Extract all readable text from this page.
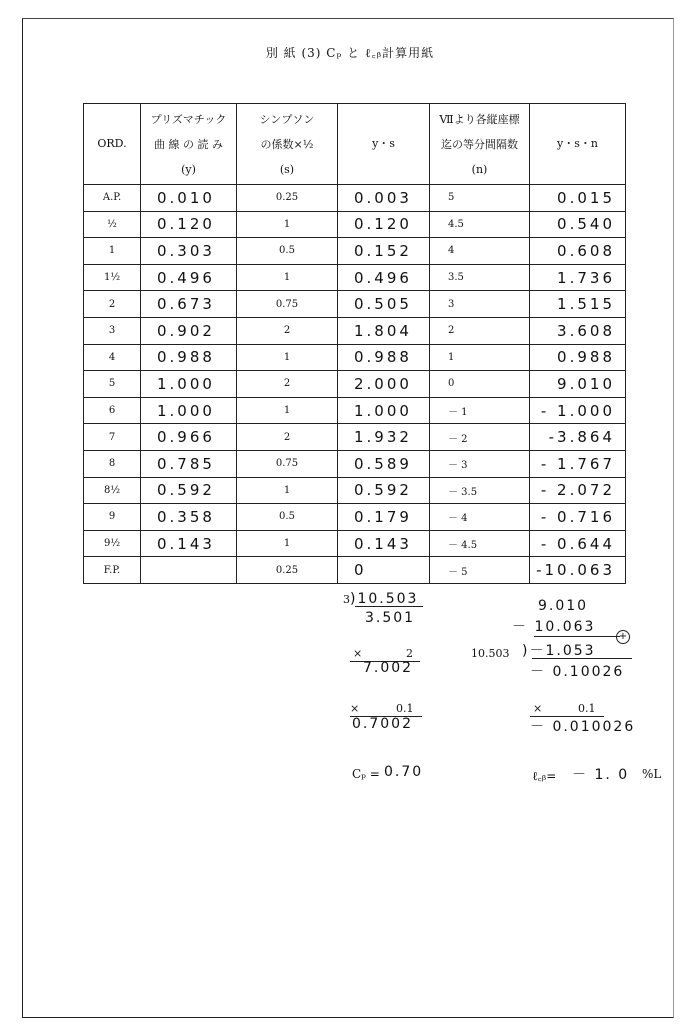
別 紙 (3) Cₚ と ℓ꜀ᵦ計算用紙
ORD.	プリズマチック
曲 線 の 読 み
(y)	シンプソン
の係数×½
(s)	y・s	Ⅶより各縦座標
迄の等分間隔数
(n)	y・s・n
A.P.	0.010	0.25	0.003	5	0.015
½	0.120	1	0.120	4.5	0.540
1	0.303	0.5	0.152	4	0.608
1½	0.496	1	0.496	3.5	1.736
2	0.673	0.75	0.505	3	1.515
3	0.902	2	1.804	2	3.608
4	0.988	1	0.988	1	0.988
5	1.000	2	2.000	0	9.010
6	1.000	1	1.000	－ 1	- 1.000
7	0.966	2	1.932	－ 2	-3.864
8	0.785	0.75	0.589	－ 3	- 1.767
8½	0.592	1	0.592	－ 3.5	- 2.072
9	0.358	0.5	0.179	－ 4	- 0.716
9½	0.143	1	0.143	－ 4.5	- 0.644
F.P.		0.25	0	－ 5	-10.063
3)10.503
3.501
×	2
7.002
×	0.1
0.7002
Cₚ = 0.70
9.010
－ 10.063
+
10.503 )－1.053
－ 0.10026
×	0.1
－ 0.010026
ℓ꜀ᵦ= － 1. 0 %L
